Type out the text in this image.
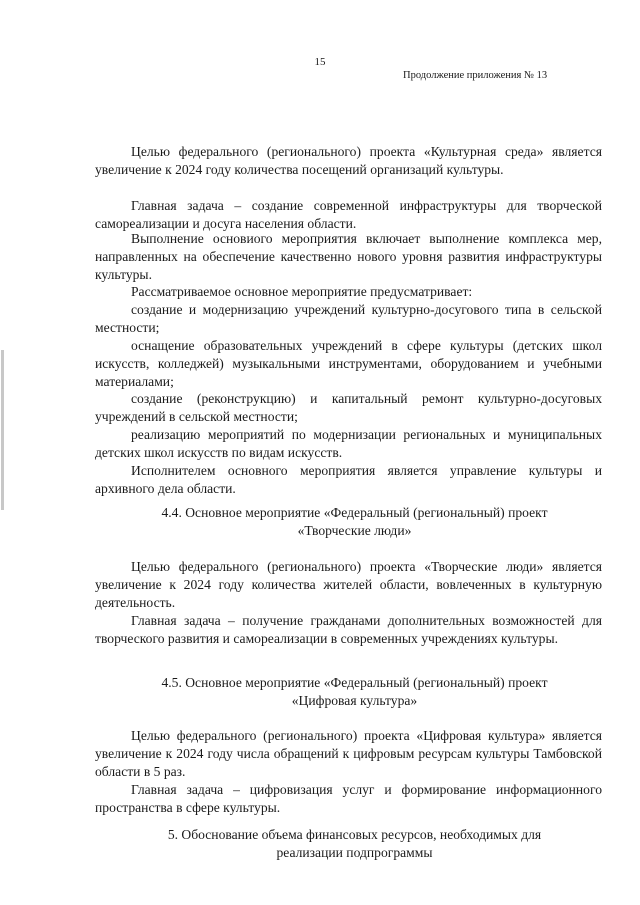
15
Продолжение приложения № 13

Целью федерального (регионального) проекта «Культурная среда» является увеличение к 2024 году количества посещений организаций культуры.

Главная задача – создание современной инфраструктуры для творческой самореализации и досуга населения области.

Выполнение основиого мероприятия включает выполнение комплекса мер, направленных на обеспечение качественно нового уровня развития инфраструктуры культуры.

Рассматриваемое основное мероприятие предусматривает:

создание и модернизацию учреждений культурно-досугового типа в сельской местности;

оснащение образовательных учреждений в сфере культуры (детских школ искусств, колледжей) музыкальными инструментами, оборудованием и учебными материалами;

создание (реконструкцию) и капитальный ремонт культурно-досуговых учреждений в сельской местности;

реализацию мероприятий по модернизации региональных и муниципальных детских школ искусств по видам искусств.

Исполнителем основного мероприятия является управление культуры и архивного дела области.

4.4. Основное мероприятие «Федеральный (региональный) проект
«Творческие люди»

Целью федерального (регионального) проекта «Творческие люди» является увеличение к 2024 году количества жителей области, вовлеченных в культурную деятельность.

Главная задача – получение гражданами дополнительных возможностей для творческого развития и самореализации в современных учреждениях культуры.

4.5. Основное мероприятие «Федеральный (региональный) проект
«Цифровая культура»

Целью федерального (регионального) проекта «Цифровая культура» является увеличение к 2024 году числа обращений к цифровым ресурсам культуры Тамбовской области в 5 раз.

Главная задача – цифровизация услуг и формирование информационного пространства в сфере культуры.

5. Обоснование объема финансовых ресурсов, необходимых для
реализации подпрограммы
